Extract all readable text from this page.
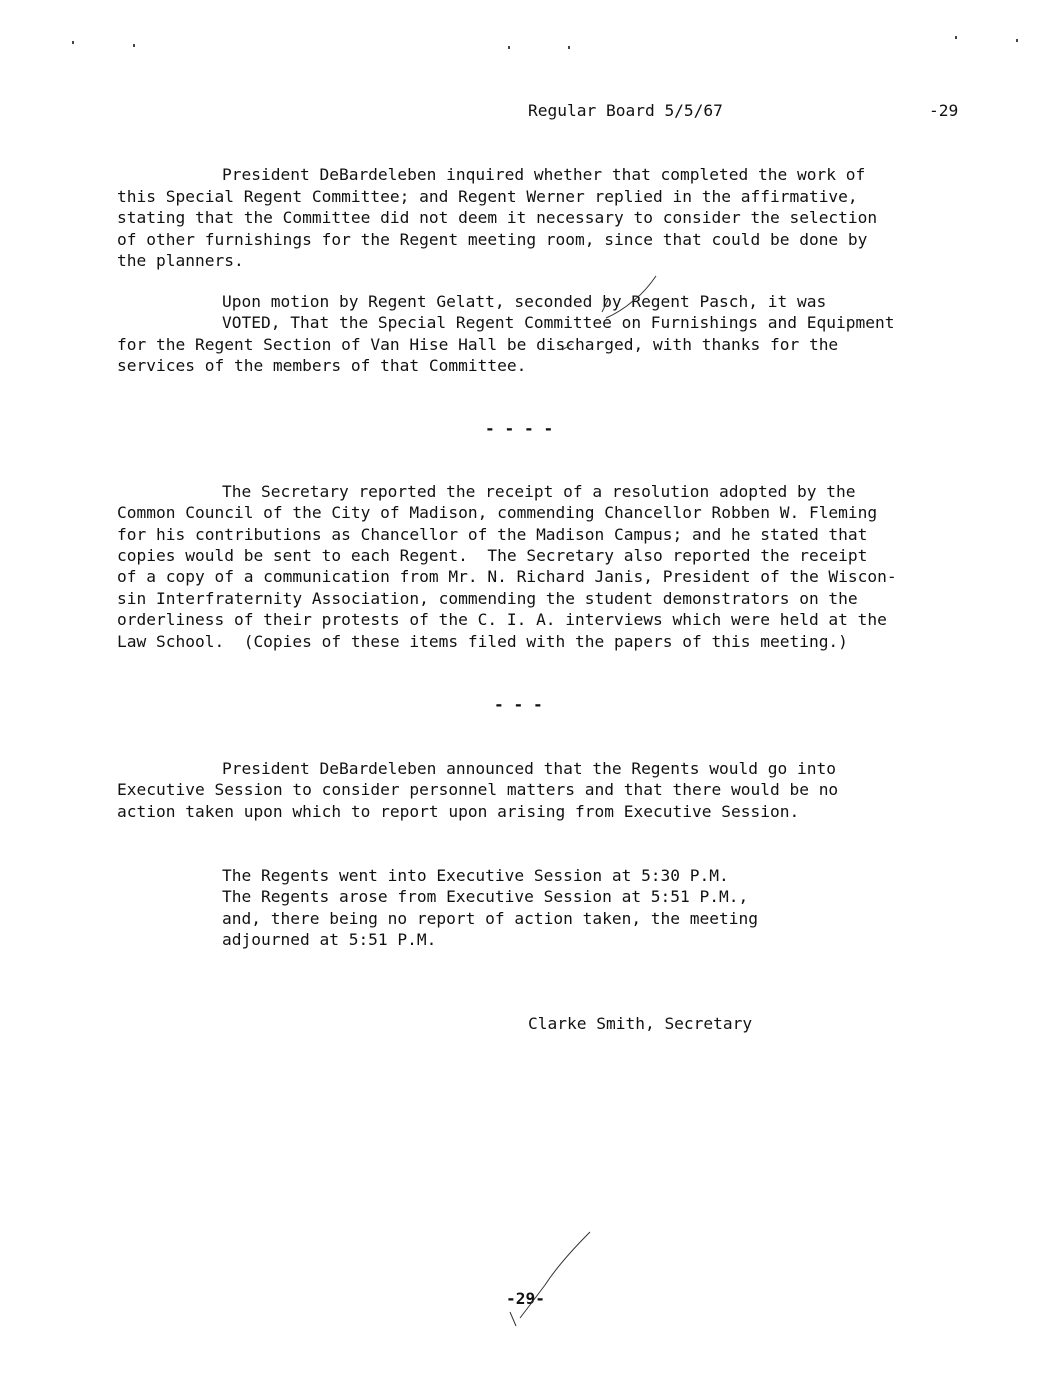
Regular Board 5/5/67	-29
President DeBardeleben inquired whether that completed the work of
this Special Regent Committee; and Regent Werner replied in the affirmative,
stating that the Committee did not deem it necessary to consider the selection
of other furnishings for the Regent meeting room, since that could be done by
the planners.
Upon motion by Regent Gelatt, seconded by Regent Pasch, it was
VOTED, That the Special Regent Committee on Furnishings and Equipment
for the Regent Section of Van Hise Hall be discharged, with thanks for the
services of the members of that Committee.
- - - -
The Secretary reported the receipt of a resolution adopted by the
Common Council of the City of Madison, commending Chancellor Robben W. Fleming
for his contributions as Chancellor of the Madison Campus; and he stated that
copies would be sent to each Regent.  The Secretary also reported the receipt
of a copy of a communication from Mr. N. Richard Janis, President of the Wiscon-
sin Interfraternity Association, commending the student demonstrators on the
orderliness of their protests of the C. I. A. interviews which were held at the
Law School.  (Copies of these items filed with the papers of this meeting.)
- - -
President DeBardeleben announced that the Regents would go into
Executive Session to consider personnel matters and that there would be no
action taken upon which to report upon arising from Executive Session.
The Regents went into Executive Session at 5:30 P.M.
The Regents arose from Executive Session at 5:51 P.M.,
and, there being no report of action taken, the meeting
adjourned at 5:51 P.M.
Clarke Smith, Secretary
-29-
